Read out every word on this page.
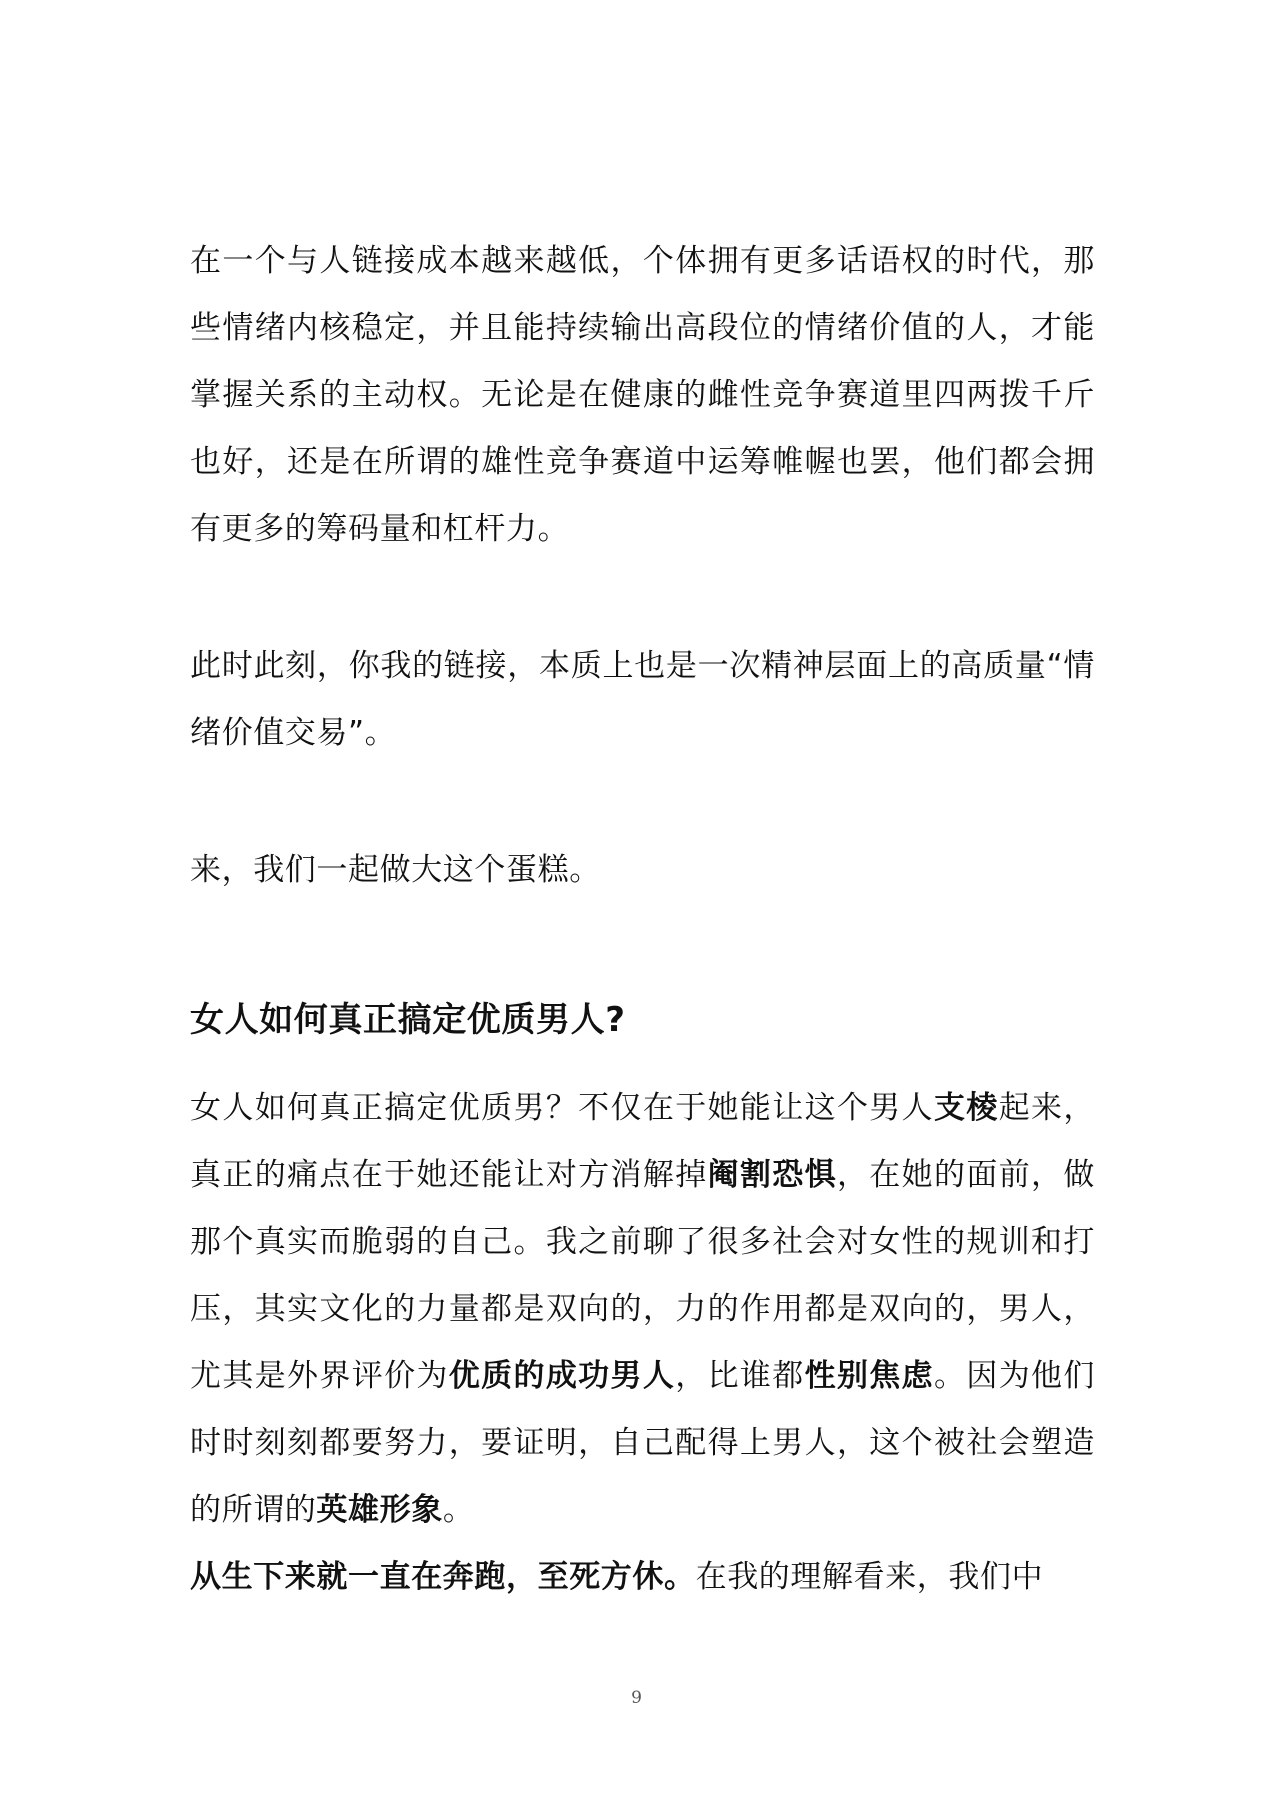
在一个与人链接成本越来越低，个体拥有更多话语权的时代，那些情绪内核稳定，并且能持续输出高段位的情绪价值的人，才能掌握关系的主动权。无论是在健康的雌性竞争赛道里四两拨千斤也好，还是在所谓的雄性竞争赛道中运筹帷幄也罢，他们都会拥有更多的筹码量和杠杆力。

此时此刻，你我的链接，本质上也是一次精神层面上的高质量“情绪价值交易”。

来，我们一起做大这个蛋糕。

女人如何真正搞定优质男人?

女人如何真正搞定优质男？不仅在于她能让这个男人支棱起来，真正的痛点在于她还能让对方消解掉阉割恐惧，在她的面前，做那个真实而脆弱的自己。我之前聊了很多社会对女性的规训和打压，其实文化的力量都是双向的，力的作用都是双向的，男人，尤其是外界评价为优质的成功男人，比谁都性别焦虑。因为他们时时刻刻都要努力，要证明，自己配得上男人，这个被社会塑造的所谓的英雄形象。

从生下来就一直在奔跑，至死方休。在我的理解看来，我们中

9
